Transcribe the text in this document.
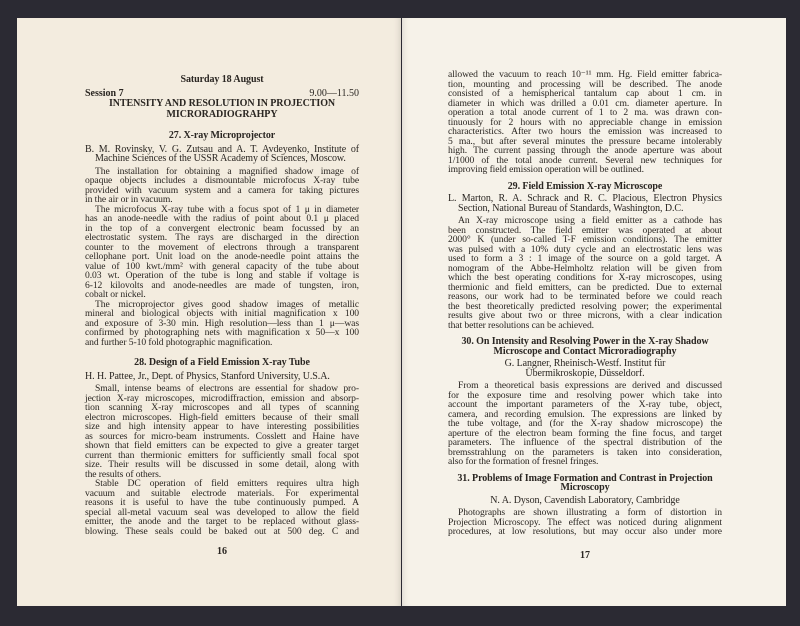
Saturday 18 August
Session 7	9.00—11.50
INTENSITY AND RESOLUTION IN PROJECTION
MICRORADIOGRAHPY
27. X-ray Microprojector
B. M. Rovinsky, V. G. Zutsau and A. T. Avdeyenko, Institute of
Machine Sciences of the USSR Academy of Sciences, Moscow.
The installation for obtaining a magnified shadow image of
opaque objects includes a dismountable microfocus X-ray tube
provided with vacuum system and a camera for taking pictures
in the air or in vacuum.
The microfocus X-ray tube with a focus spot of 1 μ in diameter
has an anode-needle with the radius of point about 0.1 μ placed
in the top of a convergent electronic beam focussed by an
electrostatic system. The rays are discharged in the direction
counter to the movement of electrons through a transparent
cellophane port. Unit load on the anode-needle point attains the
value of 100 kwt./mm² with general capacity of the tube about
0.03 wt. Operation of the tube is long and stable if voltage is
6-12 kilovolts and anode-needles are made of tungsten, iron,
cobalt or nickel.
The microprojector gives good shadow images of metallic
mineral and biological objects with initial magnification x 100
and exposure of 3-30 min. High resolution—less than 1 μ—was
confirmed by photographing nets with magnification x 50—x 100
and further 5-10 fold photographic magnification.
28. Design of a Field Emission X-ray Tube
H. H. Pattee, Jr., Dept. of Physics, Stanford University, U.S.A.
Small, intense beams of electrons are essential for shadow pro-
jection X-ray microscopes, microdiffraction, emission and absorp-
tion scanning X-ray microscopes and all types of scanning
electron microscopes. High-field emitters because of their small
size and high intensity appear to have interesting possibilities
as sources for micro-beam instruments. Cosslett and Haine have
shown that field emitters can be expected to give a greater target
current than thermionic emitters for sufficiently small focal spot
size. Their results will be discussed in some detail, along with
the results of others.
Stable DC operation of field emitters requires ultra high
vacuum and suitable electrode materials. For experimental
reasons it is useful to have the tube continuously pumped. A
special all-metal vacuum seal was developed to allow the field
emitter, the anode and the target to be replaced without glass-
blowing. These seals could be baked out at 500 deg. C and
16
allowed the vacuum to reach 10⁻¹¹ mm. Hg. Field emitter fabrica-
tion, mounting and processing will be described. The anode
consisted of a hemispherical tantalum cap about 1 cm. in
diameter in which was drilled a 0.01 cm. diameter aperture. In
operation a total anode current of 1 to 2 ma. was drawn con-
tinuously for 2 hours with no appreciable change in emission
characteristics. After two hours the emission was increased to
5 ma., but after several minutes the pressure became intolerably
high. The current passing through the anode aperture was about
1/1000 of the total anode current. Several new techniques for
improving field emission operation will be outlined.
29. Field Emission X-ray Microscope
L. Marton, R. A. Schrack and R. C. Placious, Electron Physics
Section, National Bureau of Standards, Washington, D.C.
An X-ray microscope using a field emitter as a cathode has
been constructed. The field emitter was operated at about
2000° K (under so-called T-F emission conditions). The emitter
was pulsed with a 10% duty cycle and an electrostatic lens was
used to form a 3 : 1 image of the source on a gold target. A
nomogram of the Abbe-Helmholtz relation will be given from
which the best operating conditions for X-ray microscopes, using
thermionic and field emitters, can be predicted. Due to external
reasons, our work had to be terminated before we could reach
the best theoretically predicted resolving power; the experimental
results give about two or three microns, with a clear indication
that better resolutions can be achieved.
30. On Intensity and Resolving Power in the X-ray Shadow
Microscope and Contact Microradiography
G. Langner, Rheinisch-Westf. Institut für
Übermikroskopie, Düsseldorf.
From a theoretical basis expressions are derived and discussed
for the exposure time and resolving power which take into
account the important parameters of the X-ray tube, object,
camera, and recording emulsion. The expressions are linked by
the tube voltage, and (for the X-ray shadow microscope) the
aperture of the electron beam forming the fine focus, and target
parameters. The influence of the spectral distribution of the
bremsstrahlung on the parameters is taken into consideration,
also for the formation of fresnel fringes.
31. Problems of Image Formation and Contrast in Projection
Microscopy
N. A. Dyson, Cavendish Laboratory, Cambridge
Photographs are shown illustrating a form of distortion in
Projection Microscopy. The effect was noticed during alignment
procedures, at low resolutions, but may occur also under more
17
